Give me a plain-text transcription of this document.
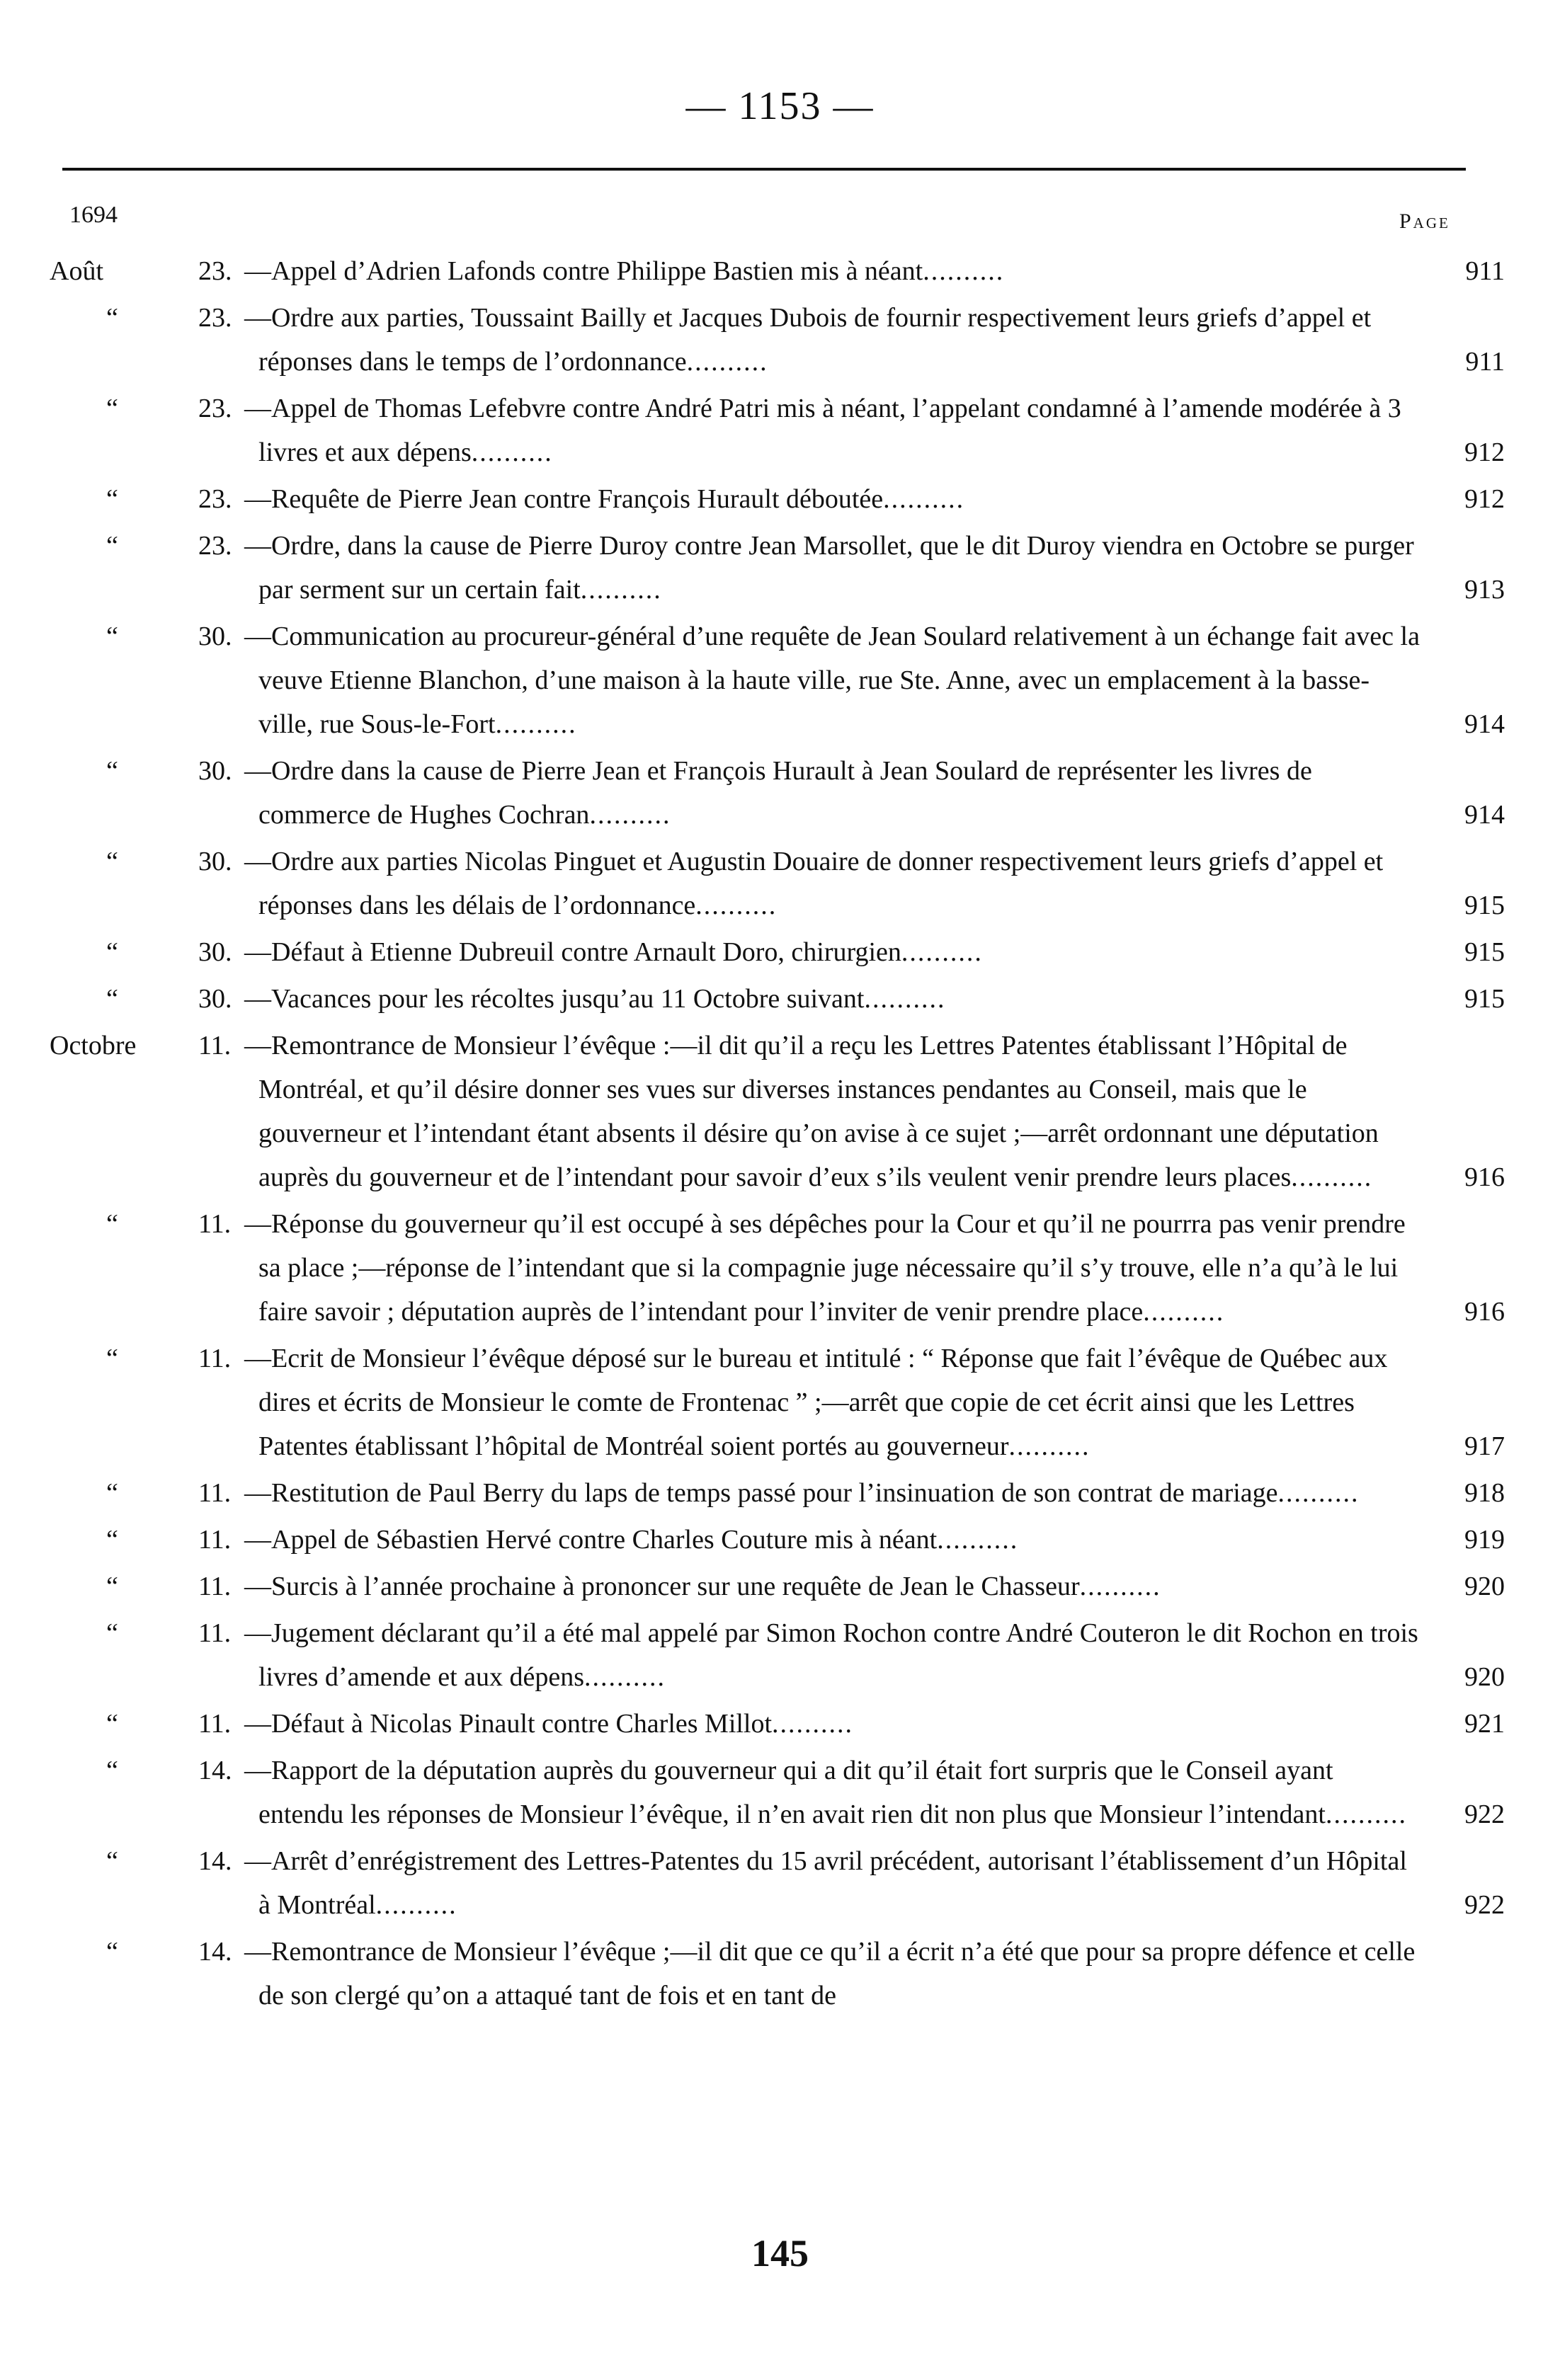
— 1153 —
1694	Page
Août	23. —Appel d’Adrien Lafonds contre Philippe Bastien mis à néant..........	911
“	23. —Ordre aux parties, Toussaint Bailly et Jacques Dubois de fournir respectivement leurs griefs d’appel et réponses dans le temps de l’ordonnance..........	911
“	23. —Appel de Thomas Lefebvre contre André Patri mis à néant, l’appelant condamné à l’amende modérée à 3 livres et aux dépens..........	912
“	23. —Requête de Pierre Jean contre François Hurault déboutée..........	912
“	23. —Ordre, dans la cause de Pierre Duroy contre Jean Marsollet, que le dit Duroy viendra en Octobre se purger par serment sur un certain fait..........	913
“	30. —Communication au procureur-général d’une requête de Jean Soulard relativement à un échange fait avec la veuve Etienne Blanchon, d’une maison à la haute ville, rue Ste. Anne, avec un emplacement à la basse-ville, rue Sous-le-Fort..........	914
“	30. —Ordre dans la cause de Pierre Jean et François Hurault à Jean Soulard de représenter les livres de commerce de Hughes Cochran..........	914
“	30. —Ordre aux parties Nicolas Pinguet et Augustin Douaire de donner respectivement leurs griefs d’appel et réponses dans les délais de l’ordonnance..........	915
“	30. —Défaut à Etienne Dubreuil contre Arnault Doro, chirurgien..........	915
“	30. —Vacances pour les récoltes jusqu’au 11 Octobre suivant..........	915
Octobre 11. —Remontrance de Monsieur l’évêque :—il dit qu’il a reçu les Lettres Patentes établissant l’Hôpital de Montréal, et qu’il désire donner ses vues sur diverses instances pendantes au Conseil, mais que le gouverneur et l’intendant étant absents il désire qu’on avise à ce sujet ;—arrêt ordonnant une députation auprès du gouverneur et de l’intendant pour savoir d’eux s’ils veulent venir prendre leurs places..........	916
“	11. —Réponse du gouverneur qu’il est occupé à ses dépêches pour la Cour et qu’il ne pourrra pas venir prendre sa place ;—réponse de l’intendant que si la compagnie juge nécessaire qu’il s’y trouve, elle n’a qu’à le lui faire savoir ; députation auprès de l’intendant pour l’inviter de venir prendre place..........	916
“	11. —Ecrit de Monsieur l’évêque déposé sur le bureau et intitulé : “ Réponse que fait l’évêque de Québec aux dires et écrits de Monsieur le comte de Frontenac ” ;—arrêt que copie de cet écrit ainsi que les Lettres Patentes établissant l’hôpital de Montréal soient portés au gouverneur..........	917
“	11. —Restitution de Paul Berry du laps de temps passé pour l’insinuation de son contrat de mariage..........	918
“	11. —Appel de Sébastien Hervé contre Charles Couture mis à néant..........	919
“	11. —Surcis à l’année prochaine à prononcer sur une requête de Jean le Chasseur..........	920
“	11. —Jugement déclarant qu’il a été mal appelé par Simon Rochon contre André Couteron le dit Rochon en trois livres d’amende et aux dépens..........	920
“	11. —Défaut à Nicolas Pinault contre Charles Millot..........	921
“	14. —Rapport de la députation auprès du gouverneur qui a dit qu’il était fort surpris que le Conseil ayant entendu les réponses de Monsieur l’évêque, il n’en avait rien dit non plus que Monsieur l’intendant..........	922
“	14. —Arrêt d’enrégistrement des Lettres-Patentes du 15 avril précédent, autorisant l’établissement d’un Hôpital à Montréal..........	922
“	14. —Remontrance de Monsieur l’évêque ;—il dit que ce qu’il a écrit n’a été que pour sa propre défence et celle de son clergé qu’on a attaqué tant de fois et en tant de
145
